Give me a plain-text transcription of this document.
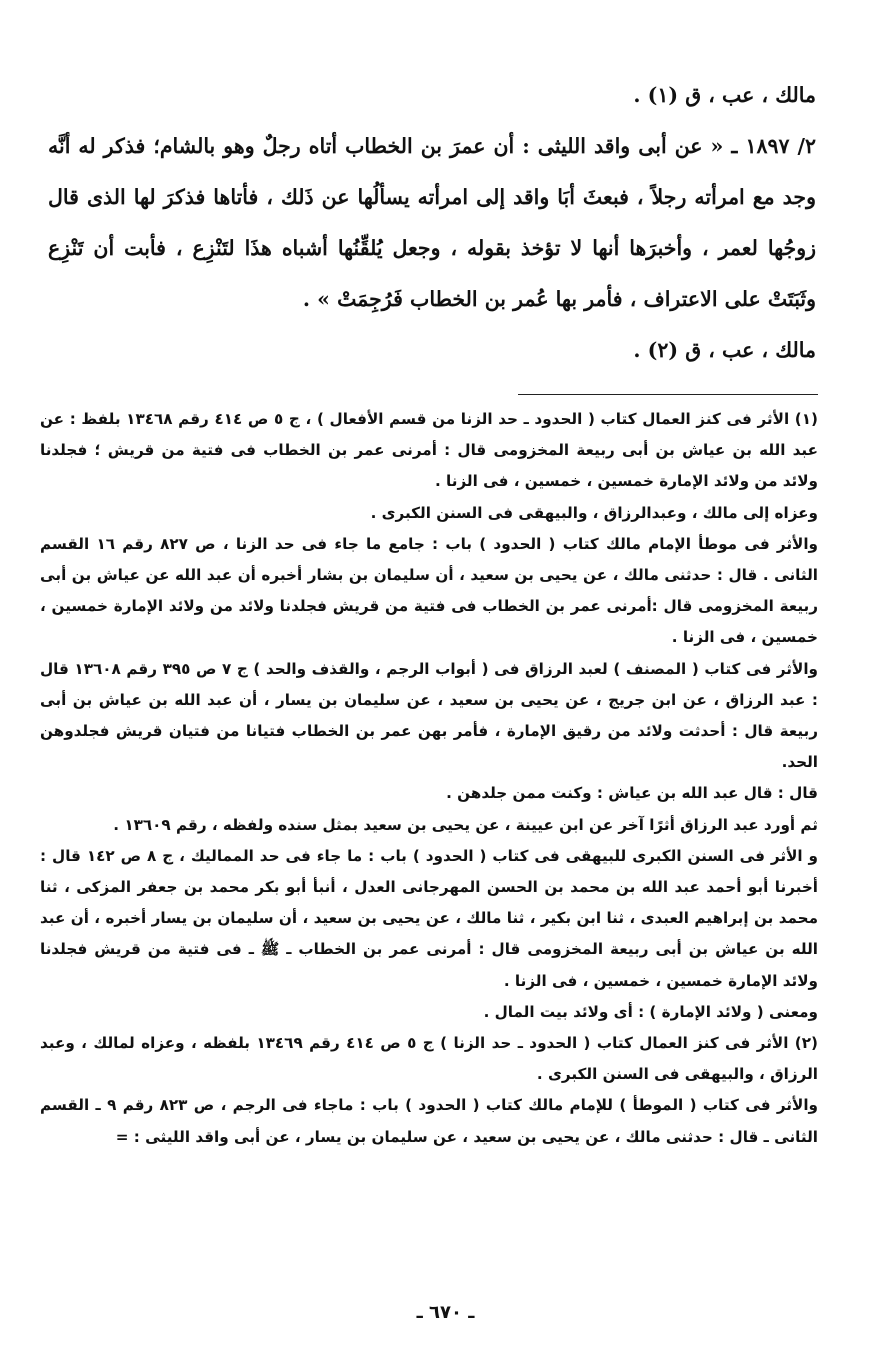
مالك ، عب ، ق (١) .

٢/ ١٨٩٧ ـ « عن أبى واقد الليثى : أن عمرَ بن الخطاب أتاه رجلٌ وهو بالشام؛ فذكر له أنَّه وجد مع امرأته رجلاً ، فبعثَ أبَا واقد إلى امرأته يسألُها عن ذَلك ، فأتاها فذكرَ لها الذى قال زوجُها لعمر ، وأخبرَها أنها لا تؤخذ بقوله ، وجعل يُلقِّنُها أشباه هذَا لتَنْزِع ، فأبت أن تَنْزِع وثَبَتَتْ على الاعتراف ، فأمر بها عُمر بن الخطاب فَرُجِمَتْ » .

مالك ، عب ، ق (٢) .

(١) الأثر فى كنز العمال كتاب ( الحدود ـ حد الزنا من قسم الأفعال ) ، ج ٥ ص ٤١٤ رقم ١٣٤٦٨ بلفظ : عن عبد الله بن عياش بن أبى ربيعة المخزومى قال : أمرنى عمر بن الخطاب فى فتية من قريش ؛ فجلدنا ولائد من ولائد الإمارة خمسين ، خمسين ، فى الزنا .

وعزاه إلى مالك ، وعبدالرزاق ، والبيهقى فى السنن الكبرى .

والأثر فى موطأ الإمام مالك كتاب ( الحدود ) باب : جامع ما جاء فى حد الزنا ، ص ٨٢٧ رقم ١٦ القسم الثانى . قال : حدثنى مالك ، عن يحيى بن سعيد ، أن سليمان بن بشار أخبره أن عبد الله عن عياش بن أبى ربيعة المخزومى قال :أمرنى عمر بن الخطاب فى فتية من قريش فجلدنا ولائد من ولائد الإمارة خمسين ، خمسين ، فى الزنا .

والأثر فى كتاب ( المصنف ) لعبد الرزاق فى ( أبواب الرجم ، والقذف والحد ) ج ٧ ص ٣٩٥ رقم ١٣٦٠٨ قال : عبد الرزاق ، عن ابن جريج ، عن يحيى بن سعيد ، عن سليمان بن يسار ، أن عبد الله بن عياش بن أبى ربيعة قال : أحدثت ولائد من رقيق الإمارة ، فأمر بهن عمر بن الخطاب فتيانا من فتيان قريش فجلدوهن الحد.

قال : قال عبد الله بن عياش : وكنت ممن جلدهن .

ثم أورد عبد الرزاق أثرًا آخر عن ابن عيينة ، عن يحيى بن سعيد بمثل سنده ولفظه ، رقم ١٣٦٠٩ .

و الأثر فى السنن الكبرى للبيهقى فى كتاب ( الحدود ) باب : ما جاء فى حد المماليك ، ج ٨ ص ١٤٢ قال : أخبرنا أبو أحمد عبد الله بن محمد بن الحسن المهرجانى العدل ، أنبأ أبو بكر محمد بن جعفر المزكى ، ثنا محمد بن إبراهيم العبدى ، ثنا ابن بكير ، ثنا مالك ، عن يحيى بن سعيد ، أن سليمان بن يسار أخبره ، أن عبد الله بن عياش بن أبى ربيعة المخزومى قال : أمرنى عمر بن الخطاب ـ ﷺ ـ فى فتية من قريش فجلدنا ولائد الإمارة خمسين ، خمسين ، فى الزنا .

ومعنى ( ولائد الإمارة ) : أى ولائد بيت المال .

(٢) الأثر فى كنز العمال كتاب ( الحدود ـ حد الزنا ) ج ٥ ص ٤١٤ رقم ١٣٤٦٩ بلفظه ، وعزاه لمالك ، وعبد الرزاق ، والبيهقى فى السنن الكبرى .

والأثر فى كتاب ( الموطأ ) للإمام مالك كتاب ( الحدود ) باب : ماجاء فى الرجم ، ص ٨٢٣ رقم ٩ ـ القسم الثانى ـ قال : حدثنى مالك ، عن يحيى بن سعيد ، عن سليمان بن يسار ، عن أبى واقد الليثى : =

ـ ٦٧٠ ـ
